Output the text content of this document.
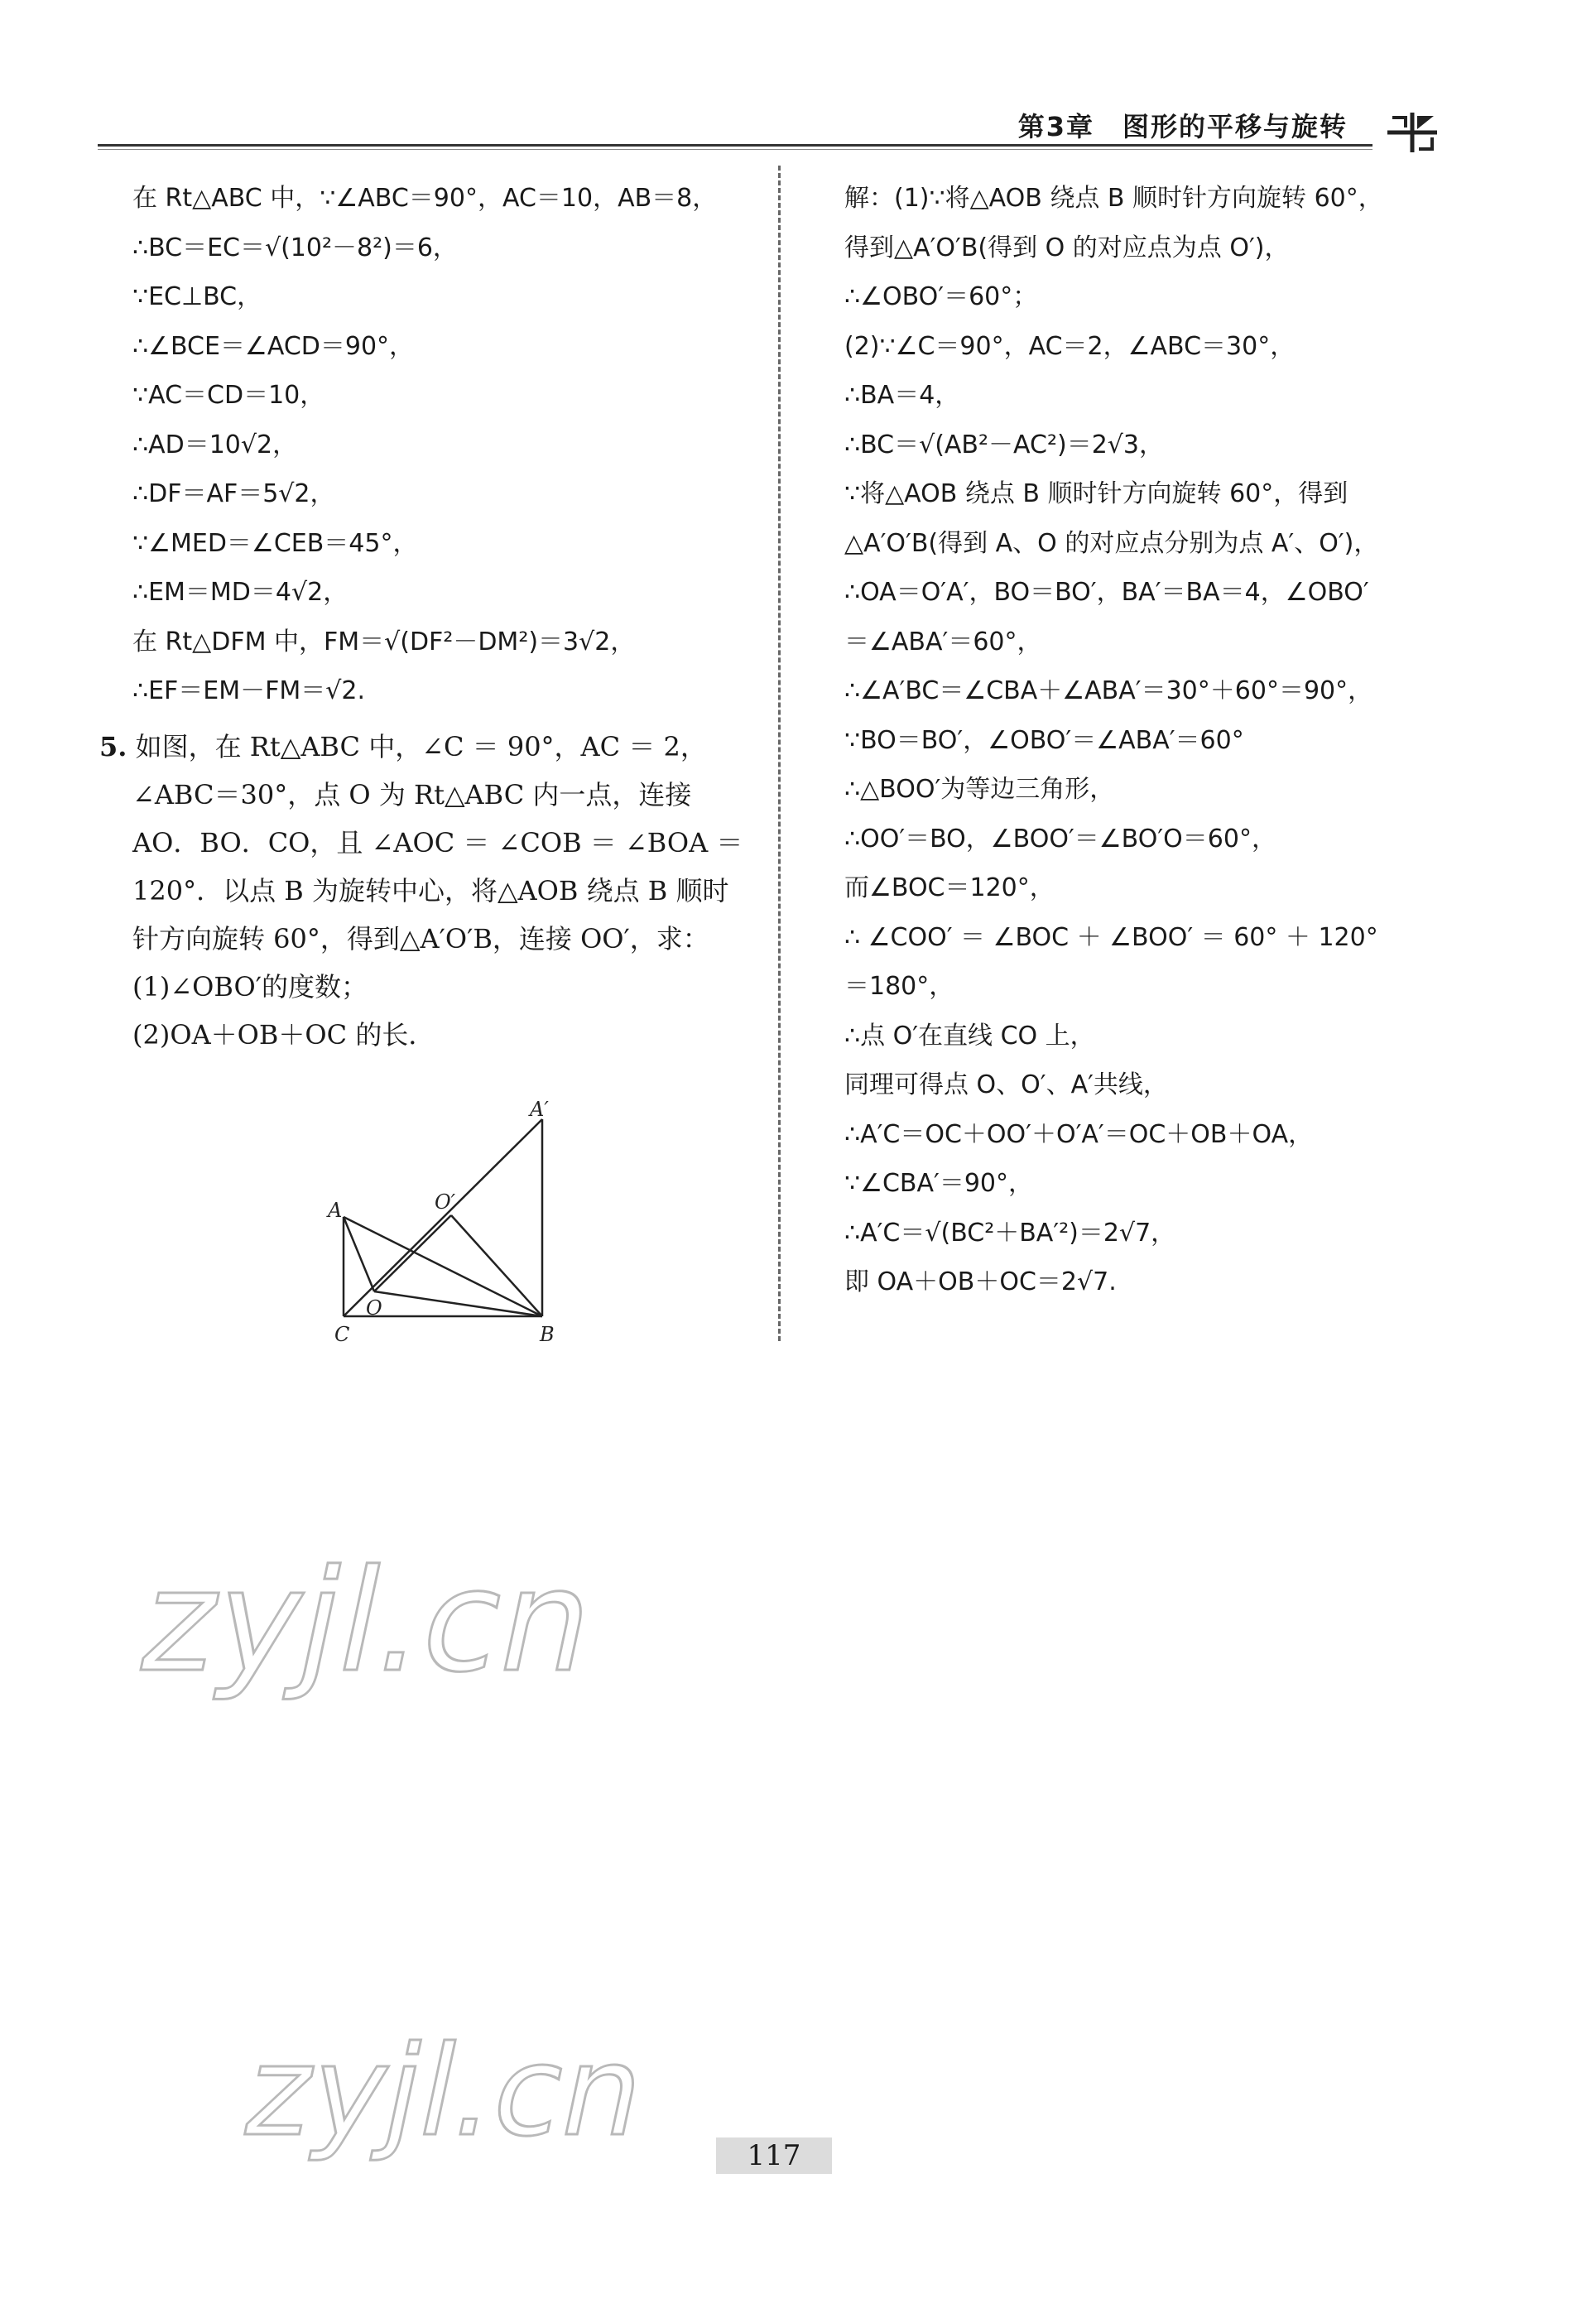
第3章　图形的平移与旋转
在 Rt△ABC 中，∵∠ABC＝90°，AC＝10，AB＝8，
∴BC＝EC＝√(10²－8²)＝6，
∵EC⊥BC，
∴∠BCE＝∠ACD＝90°，
∵AC＝CD＝10，
∴AD＝10√2，
∴DF＝AF＝5√2，
∵∠MED＝∠CEB＝45°，
∴EM＝MD＝4√2，
在 Rt△DFM 中，FM＝√(DF²－DM²)＝3√2，
∴EF＝EM－FM＝√2.
5. 如图，在 Rt△ABC 中，∠C ＝ 90°，AC ＝ 2，
∠ABC＝30°，点 O 为 Rt△ABC 内一点，连接
AO．BO．CO，且 ∠AOC ＝ ∠COB ＝ ∠BOA ＝
120°．以点 B 为旋转中心，将△AOB 绕点 B 顺时
针方向旋转 60°，得到△A′O′B，连接 OO′，求：
(1)∠OBO′的度数；
(2)OA＋OB＋OC 的长．
A′
O′
A
O
C	B
解：(1)∵将△AOB 绕点 B 顺时针方向旋转 60°，
得到△A′O′B(得到 O 的对应点为点 O′)，
∴∠OBO′＝60°；
(2)∵∠C＝90°，AC＝2，∠ABC＝30°，
∴BA＝4，
∴BC＝√(AB²－AC²)＝2√3，
∵将△AOB 绕点 B 顺时针方向旋转 60°，得到
△A′O′B(得到 A、O 的对应点分别为点 A′、O′)，
∴OA＝O′A′，BO＝BO′，BA′＝BA＝4，∠OBO′
＝∠ABA′＝60°，
∴∠A′BC＝∠CBA＋∠ABA′＝30°＋60°＝90°，
∵BO＝BO′，∠OBO′＝∠ABA′＝60°
∴△BOO′为等边三角形，
∴OO′＝BO，∠BOO′＝∠BO′O＝60°，
而∠BOC＝120°，
∴ ∠COO′ ＝ ∠BOC ＋ ∠BOO′ ＝ 60° ＋ 120°
＝180°，
∴点 O′在直线 CO 上，
同理可得点 O、O′、A′共线，
∴A′C＝OC＋OO′＋O′A′＝OC＋OB＋OA，
∵∠CBA′＝90°，
∴A′C＝√(BC²＋BA′²)＝2√7，
即 OA＋OB＋OC＝2√7.
zyjl.cn
zyjl.cn	117
